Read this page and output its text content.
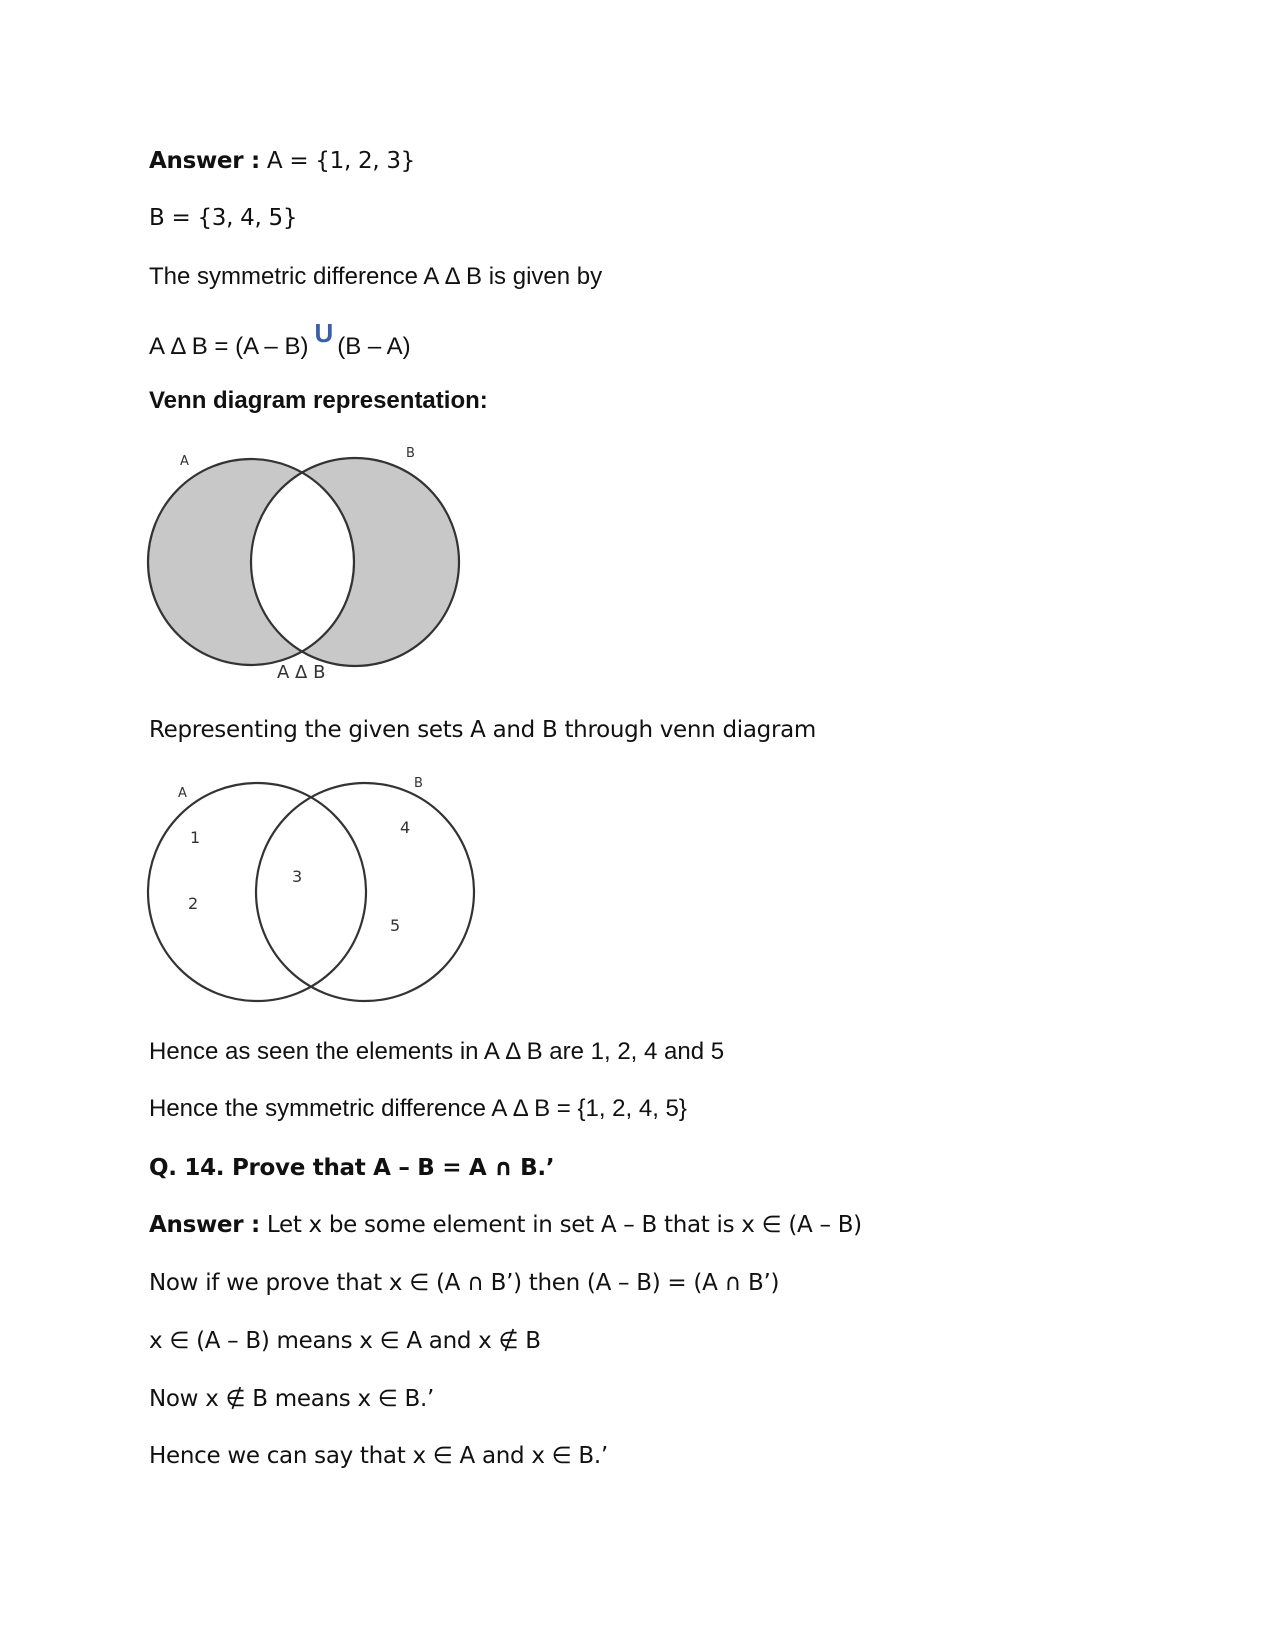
Answer : A = {1, 2, 3}
B = {3, 4, 5}
The symmetric difference A Δ B is given by
A Δ B = (A – B) U (B – A)
Venn diagram representation:
A
B
A Δ B
Representing the given sets A and B through venn diagram
A
B
1
2
3
4
5
Hence as seen the elements in A Δ B are 1, 2, 4 and 5
Hence the symmetric difference A Δ B = {1, 2, 4, 5}
Q. 14. Prove that A – B = A ∩ B.’
Answer : Let x be some element in set A – B that is x ∈ (A – B)
Now if we prove that x ∈ (A ∩ B’) then (A – B) = (A ∩ B’)
x ∈ (A – B) means x ∈ A and x ∉ B
Now x ∉ B means x ∈ B.’
Hence we can say that x ∈ A and x ∈ B.’
